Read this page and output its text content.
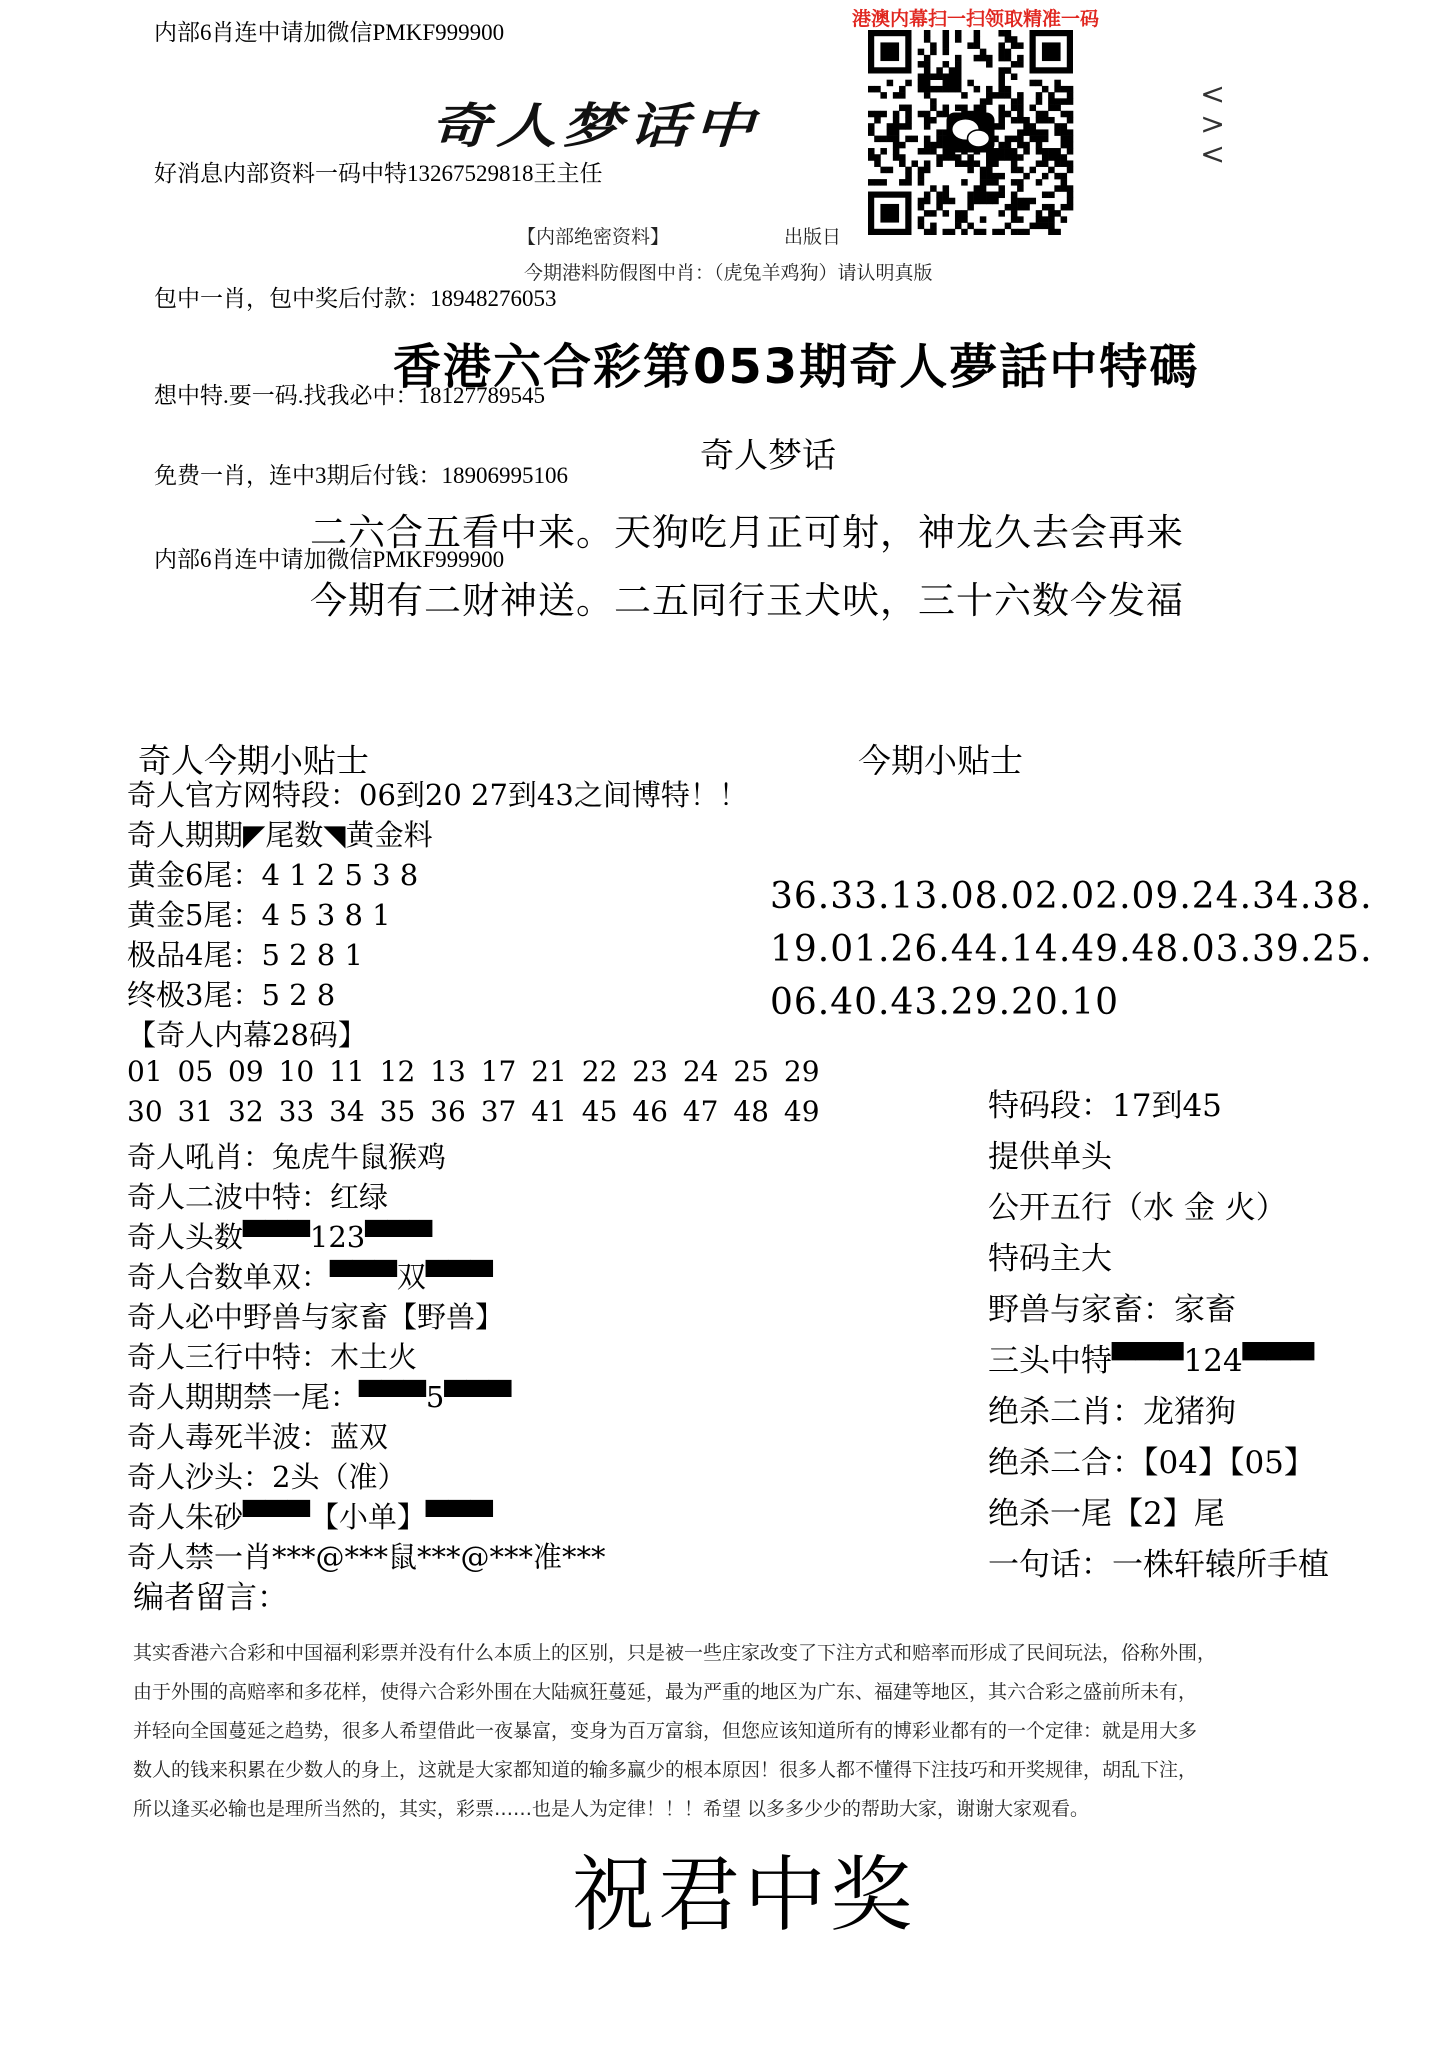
内部6肖连中请加微信PMKF999900
好消息内部资料一码中特13267529818王主任
包中一肖，包中奖后付款：18948276053
想中特.要一码.找我必中：18127789545
免费一肖，连中3期后付钱：18906995106
内部6肖连中请加微信PMKF999900
奇人梦话中
<
>
<
港澳内幕扫一扫领取精准一码
【内部绝密资料】	出版日
今期港料防假图中肖：（虎兔羊鸡狗）请认明真版
香港六合彩第053期奇人夢話中特碼
奇人梦话
二六合五看中来。天狗吃月正可射，神龙久去会再来
今期有二财神送。二五同行玉犬吠，三十六数今发福
奇人今期小贴士
奇人官方网特段：06到20 27到43之间博特！！
奇人期期◤尾数◥黄金料
黄金6尾：4 1 2 5 3 8
黄金5尾：4 5 3 8 1
极品4尾：5 2 8 1
终极3尾：5 2 8
【奇人内幕28码】
01 05 09 10 11 12 13 17 21 22 23 24 25 29
30 31 32 33 34 35 36 37 41 45 46 47 48 49
奇人吼肖：兔虎牛鼠猴鸡
奇人二波中特：红绿
奇人头数▀▀▀123▀▀▀
奇人合数单双：▀▀▀双▀▀▀
奇人必中野兽与家畜【野兽】
奇人三行中特：木土火
奇人期期禁一尾：▀▀▀5▀▀▀
奇人毒死半波：蓝双
奇人沙头：2头（准）
奇人朱砂▀▀▀【小单】▀▀▀
奇人禁一肖***@***鼠***@***准***
今期小贴士
36.33.13.08.02.02.09.24.34.38.
19.01.26.44.14.49.48.03.39.25.
06.40.43.29.20.10
特码段：17到45
提供单头
公开五行（水 金 火）
特码主大
野兽与家畜：家畜
三头中特▀▀▀124▀▀▀
绝杀二肖：龙猪狗
绝杀二合：【04】【05】
绝杀一尾【2】尾
一句话：一株轩辕所手植
编者留言：
其实香港六合彩和中国福利彩票并没有什么本质上的区别，只是被一些庄家改变了下注方式和赔率而形成了民间玩法，俗称外围，
由于外围的高赔率和多花样，使得六合彩外围在大陆疯狂蔓延，最为严重的地区为广东、福建等地区，其六合彩之盛前所未有，
并轻向全国蔓延之趋势，很多人希望借此一夜暴富，变身为百万富翁，但您应该知道所有的博彩业都有的一个定律：就是用大多
数人的钱来积累在少数人的身上，这就是大家都知道的输多赢少的根本原因！很多人都不懂得下注技巧和开奖规律，胡乱下注，
所以逢买必输也是理所当然的，其实，彩票……也是人为定律！！！希望 以多多少少的帮助大家，谢谢大家观看。
祝君中奖
